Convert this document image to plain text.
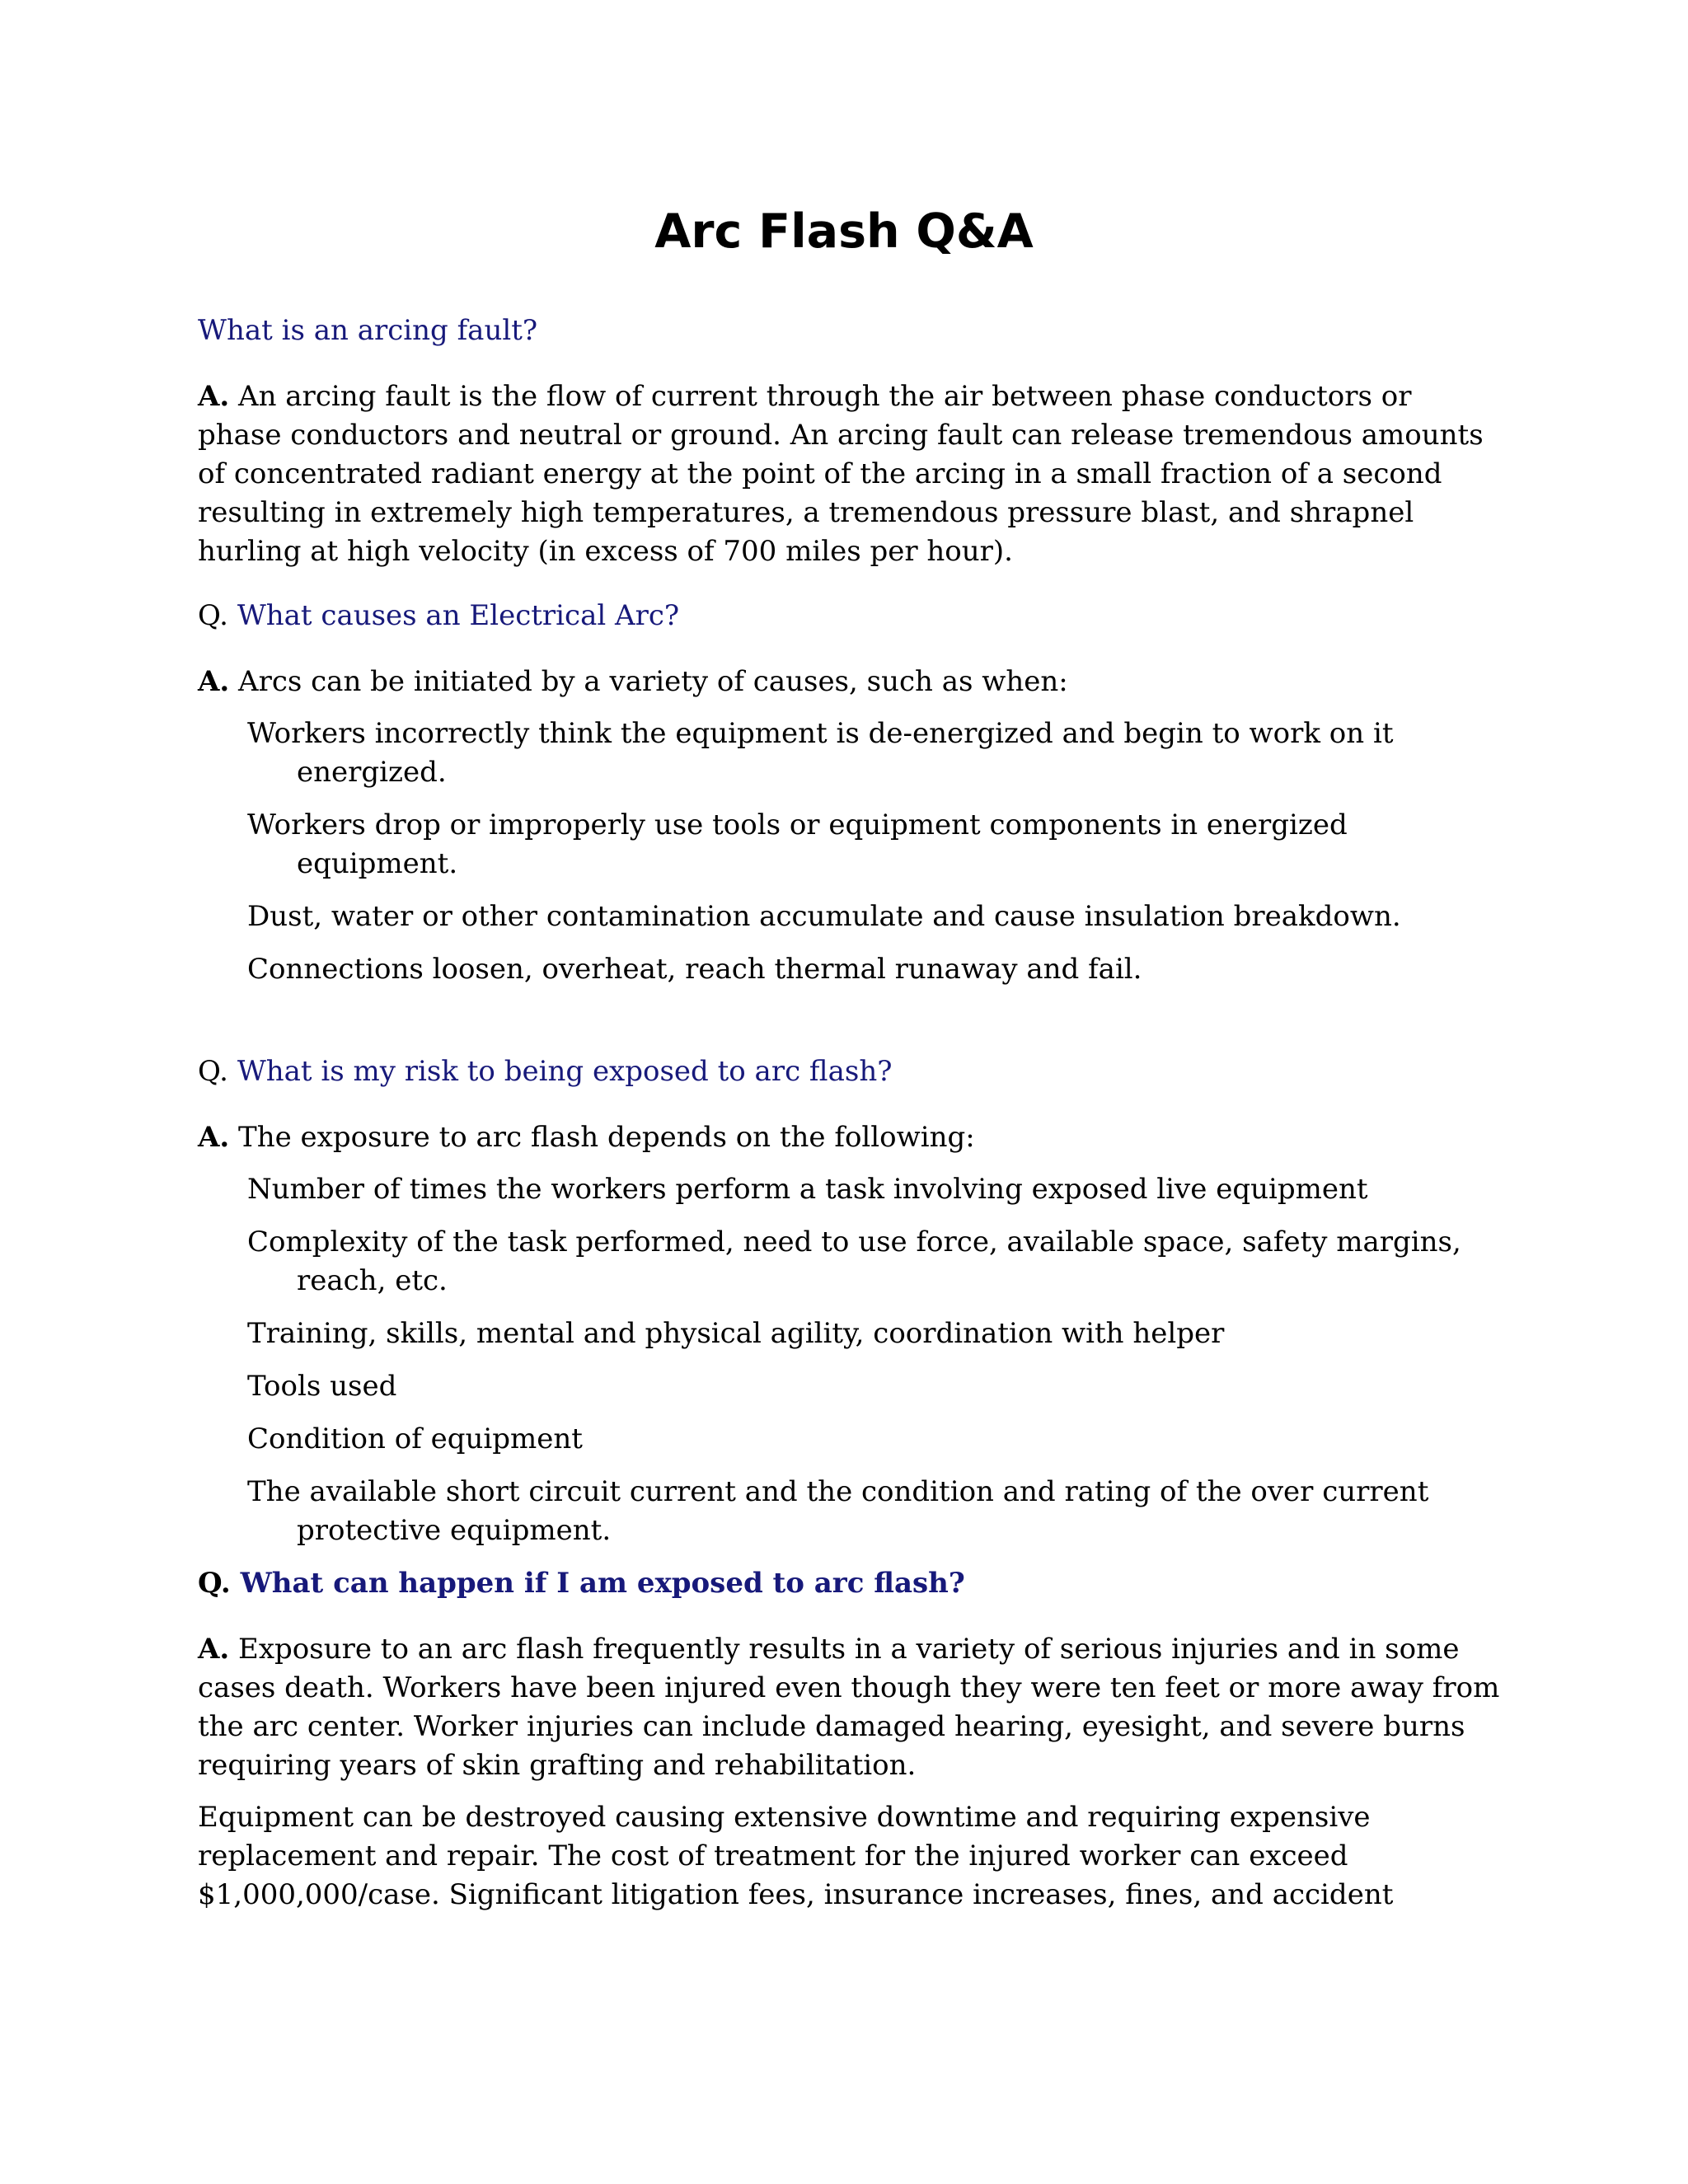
Arc Flash Q&A

What is an arcing fault?

A. An arcing fault is the flow of current through the air between phase conductors or phase conductors and neutral or ground. An arcing fault can release tremendous amounts of concentrated radiant energy at the point of the arcing in a small fraction of a second resulting in extremely high temperatures, a tremendous pressure blast, and shrapnel hurling at high velocity (in excess of 700 miles per hour).

Q. What causes an Electrical Arc?

A. Arcs can be initiated by a variety of causes, such as when:

Workers incorrectly think the equipment is de-energized and begin to work on it energized.
Workers drop or improperly use tools or equipment components in energized equipment.
Dust, water or other contamination accumulate and cause insulation breakdown.
Connections loosen, overheat, reach thermal runaway and fail.

Q. What is my risk to being exposed to arc flash?

A. The exposure to arc flash depends on the following:

Number of times the workers perform a task involving exposed live equipment
Complexity of the task performed, need to use force, available space, safety margins, reach, etc.
Training, skills, mental and physical agility, coordination with helper
Tools used
Condition of equipment
The available short circuit current and the condition and rating of the over current protective equipment.

Q. What can happen if I am exposed to arc flash?

A. Exposure to an arc flash frequently results in a variety of serious injuries and in some cases death. Workers have been injured even though they were ten feet or more away from the arc center. Worker injuries can include damaged hearing, eyesight, and severe burns requiring years of skin grafting and rehabilitation.

Equipment can be destroyed causing extensive downtime and requiring expensive replacement and repair. The cost of treatment for the injured worker can exceed $1,000,000/case. Significant litigation fees, insurance increases, fines, and accident
